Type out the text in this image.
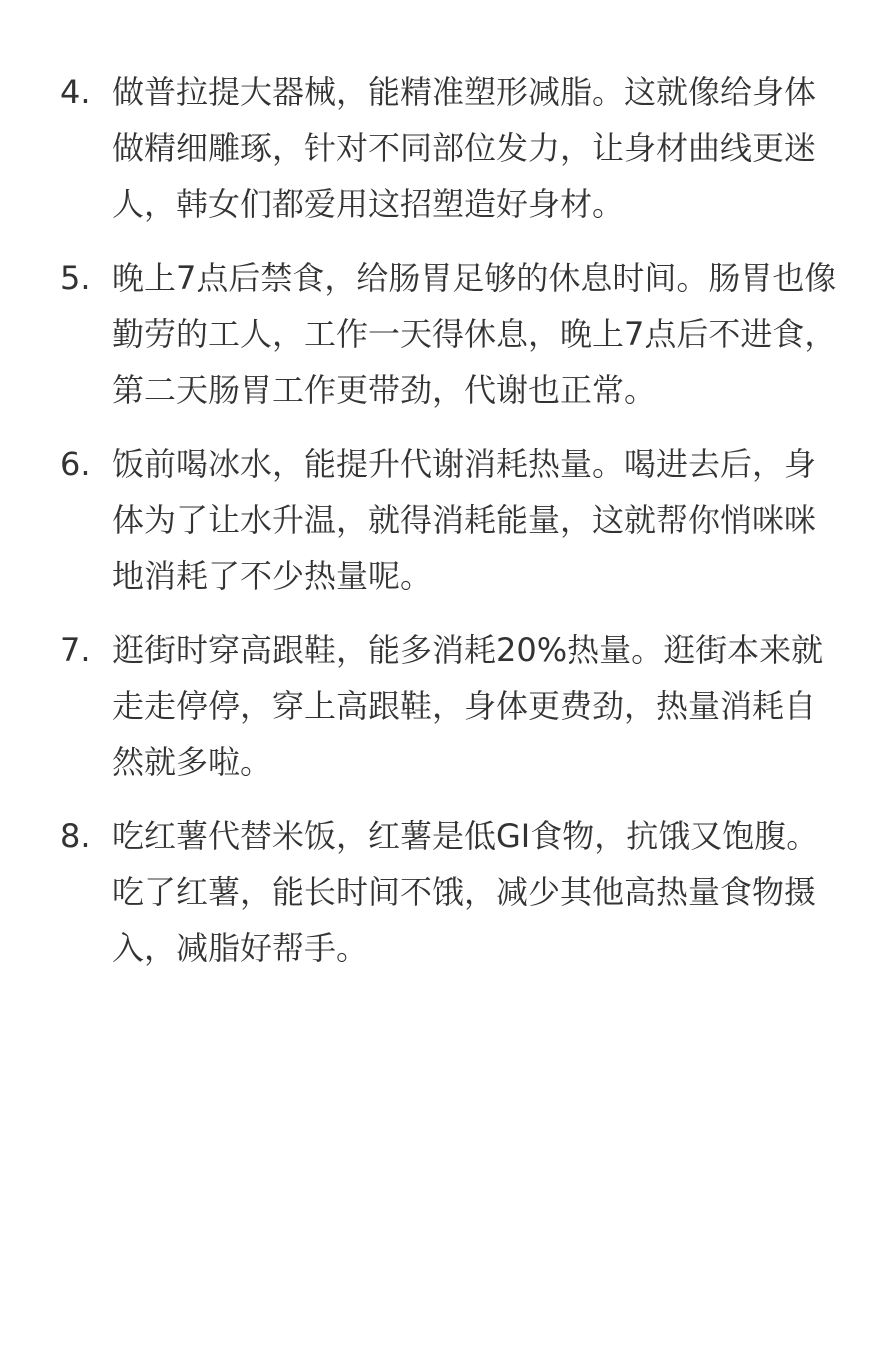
4. 做普拉提大器械，能精准塑形减脂。这就像给身体做精细雕琢，针对不同部位发力，让身材曲线更迷人，韩女们都爱用这招塑造好身材。
5. 晚上7点后禁食，给肠胃足够的休息时间。肠胃也像勤劳的工人，工作一天得休息，晚上7点后不进食，第二天肠胃工作更带劲，代谢也正常。
6. 饭前喝冰水，能提升代谢消耗热量。喝进去后，身体为了让水升温，就得消耗能量，这就帮你悄咪咪地消耗了不少热量呢。
7. 逛街时穿高跟鞋，能多消耗20%热量。逛街本来就走走停停，穿上高跟鞋，身体更费劲，热量消耗自然就多啦。
8. 吃红薯代替米饭，红薯是低GI食物，抗饿又饱腹。吃了红薯，能长时间不饿，减少其他高热量食物摄入，减脂好帮手。
